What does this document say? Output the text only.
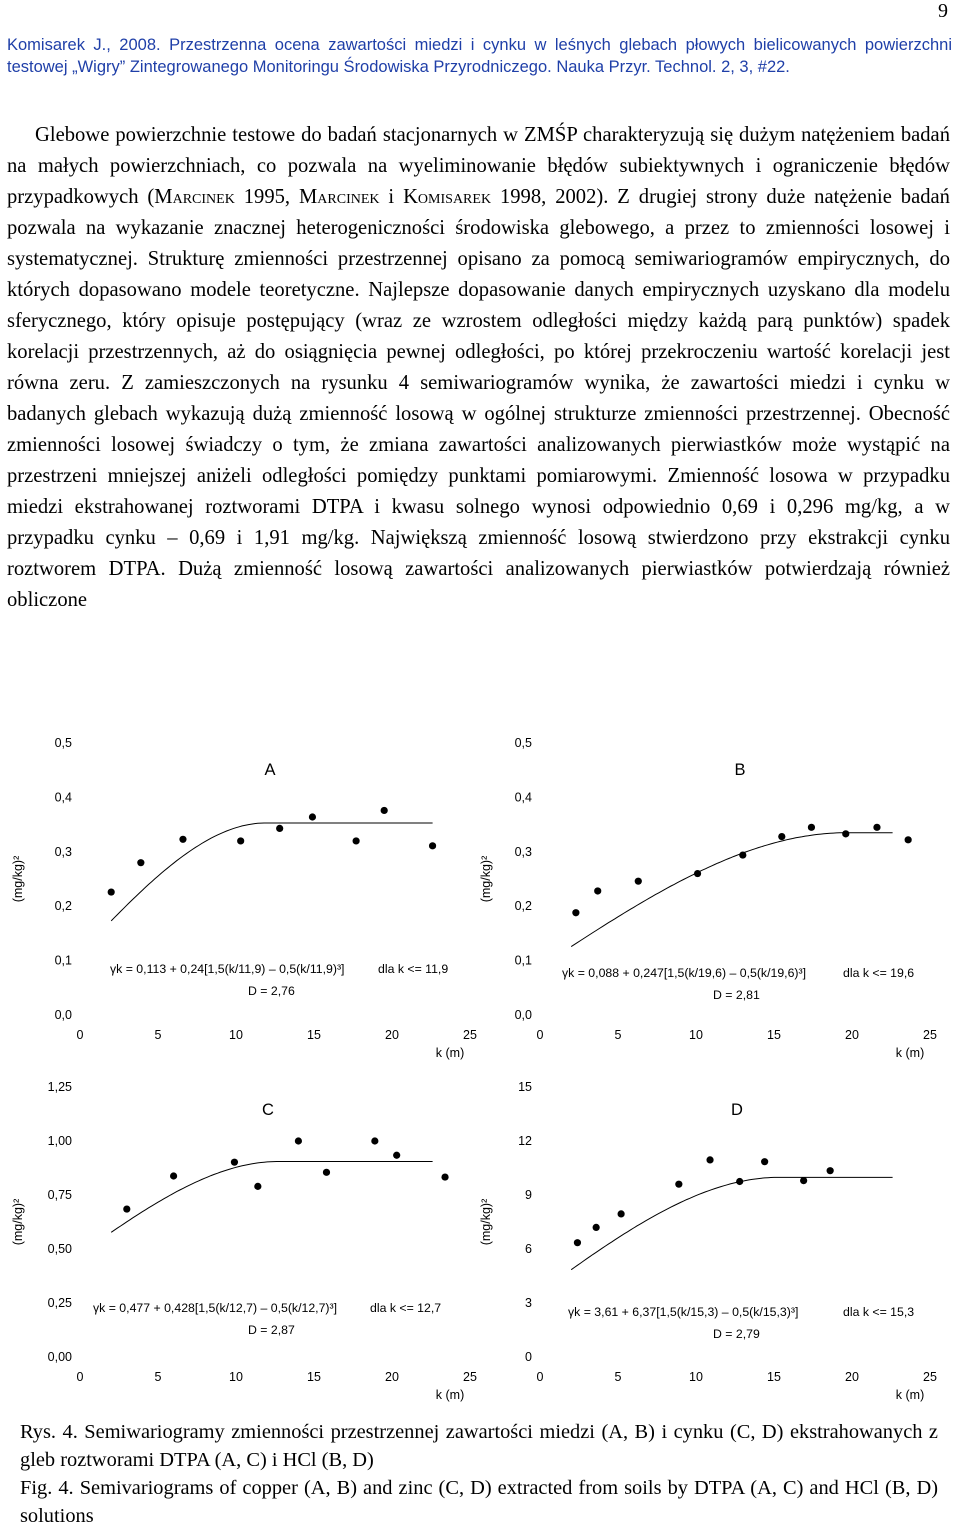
9
Komisarek J., 2008. Przestrzenna ocena zawartości miedzi i cynku w leśnych glebach płowych bielicowanych powierzchni testowej „Wigry” Zintegrowanego Monitoringu Środowiska Przyrodniczego. Nauka Przyr. Technol. 2, 3, #22.

Glebowe powierzchnie testowe do badań stacjonarnych w ZMŚP charakteryzują się dużym natężeniem badań na małych powierzchniach, co pozwala na wyeliminowanie błędów subiektywnych i ograniczenie błędów przypadkowych (Marcinek 1995, Marcinek i Komisarek 1998, 2002). Z drugiej strony duże natężenie badań pozwala na wykazanie znacznej heterogeniczności środowiska glebowego, a przez to zmienności losowej i systematycznej. Strukturę zmienności przestrzennej opisano za pomocą semiwariogramów empirycznych, do których dopasowano modele teoretyczne. Najlepsze dopasowanie danych empirycznych uzyskano dla modelu sferycznego, który opisuje postępujący (wraz ze wzrostem odległości między każdą parą punktów) spadek korelacji przestrzennych, aż do osiągnięcia pewnej odległości, po której przekroczeniu wartość korelacji jest równa zeru. Z zamieszczonych na rysunku 4 semiwariogramów wynika, że zawartości miedzi i cynku w badanych glebach wykazują dużą zmienność losową w ogólnej strukturze zmienności przestrzennej. Obecność zmienności losowej świadczy o tym, że zmiana zawartości analizowanych pierwiastków może wystąpić na przestrzeni mniejszej aniżeli odległości pomiędzy punktami pomiarowymi. Zmienność losowa w przypadku miedzi ekstrahowanej roztworami DTPA i kwasu solnego wynosi odpowiednio 0,69 i 0,296 mg/kg, a w przypadku cynku – 0,69 i 1,91 mg/kg. Największą zmienność losową stwierdzono przy ekstrakcji cynku roztworem DTPA. Dużą zmienność losową zawartości analizowanych pierwiastków potwierdzają również obliczone

0,0
0,1
0,2
0,3
0,4
0,5
0	5	10	15	20	25
k (m)
(mg/kg)²
A
γk = 0,113 + 0,24[1,5(k/11,9) – 0,5(k/11,9)³]	dla k <= 11,9
D = 2,76
0,0
0,1
0,2
0,3
0,4
0,5
0	5	10	15	20	25
k (m)
(mg/kg)²
B
γk = 0,088 + 0,247[1,5(k/19,6) – 0,5(k/19,6)³]	dla k <= 19,6
D = 2,81
0,00
0,25
0,50
0,75
1,00
1,25
0	5	10	15	20	25
k (m)
(mg/kg)²
C
γk = 0,477 + 0,428[1,5(k/12,7) – 0,5(k/12,7)³]	dla k <= 12,7
D = 2,87
0
3
6
9
12
15
0	5	10	15	20	25
k (m)
(mg/kg)²
D
γk = 3,61 + 6,37[1,5(k/15,3) – 0,5(k/15,3)³]	dla k <= 15,3
D = 2,79
Rys. 4. Semiwariogramy zmienności przestrzennej zawartości miedzi (A, B) i cynku (C, D) ekstrahowanych z gleb roztworami DTPA (A, C) i HCl (B, D)
Fig. 4. Semivariograms of copper (A, B) and zinc (C, D) extracted from soils by DTPA (A, C) and HCl (B, D) solutions
